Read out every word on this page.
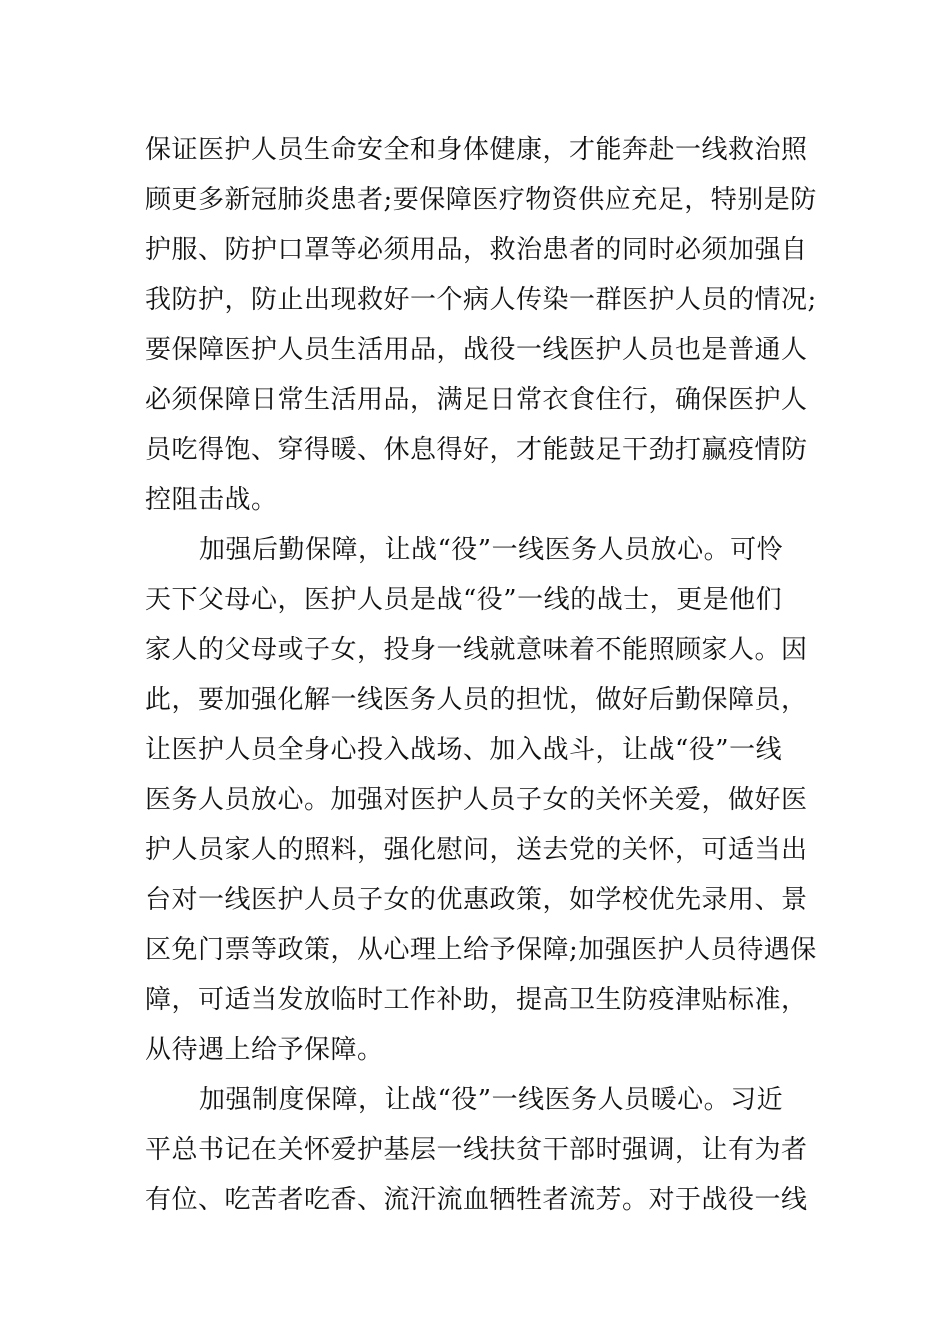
保证医护人员生命安全和身体健康，才能奔赴一线救治照
顾更多新冠肺炎患者;要保障医疗物资供应充足，特别是防
护服、防护口罩等必须用品，救治患者的同时必须加强自
我防护，防止出现救好一个病人传染一群医护人员的情况;
要保障医护人员生活用品，战役一线医护人员也是普通人
必须保障日常生活用品，满足日常衣食住行，确保医护人
员吃得饱、穿得暖、休息得好，才能鼓足干劲打赢疫情防
控阻击战。
加强后勤保障，让战“役”一线医务人员放心。可怜
天下父母心，医护人员是战“役”一线的战士，更是他们
家人的父母或子女，投身一线就意味着不能照顾家人。因
此，要加强化解一线医务人员的担忧，做好后勤保障员，
让医护人员全身心投入战场、加入战斗，让战“役”一线
医务人员放心。加强对医护人员子女的关怀关爱，做好医
护人员家人的照料，强化慰问，送去党的关怀，可适当出
台对一线医护人员子女的优惠政策，如学校优先录用、景
区免门票等政策，从心理上给予保障;加强医护人员待遇保
障，可适当发放临时工作补助，提高卫生防疫津贴标准，
从待遇上给予保障。
加强制度保障，让战“役”一线医务人员暖心。习近
平总书记在关怀爱护基层一线扶贫干部时强调，让有为者
有位、吃苦者吃香、流汗流血牺牲者流芳。对于战役一线
